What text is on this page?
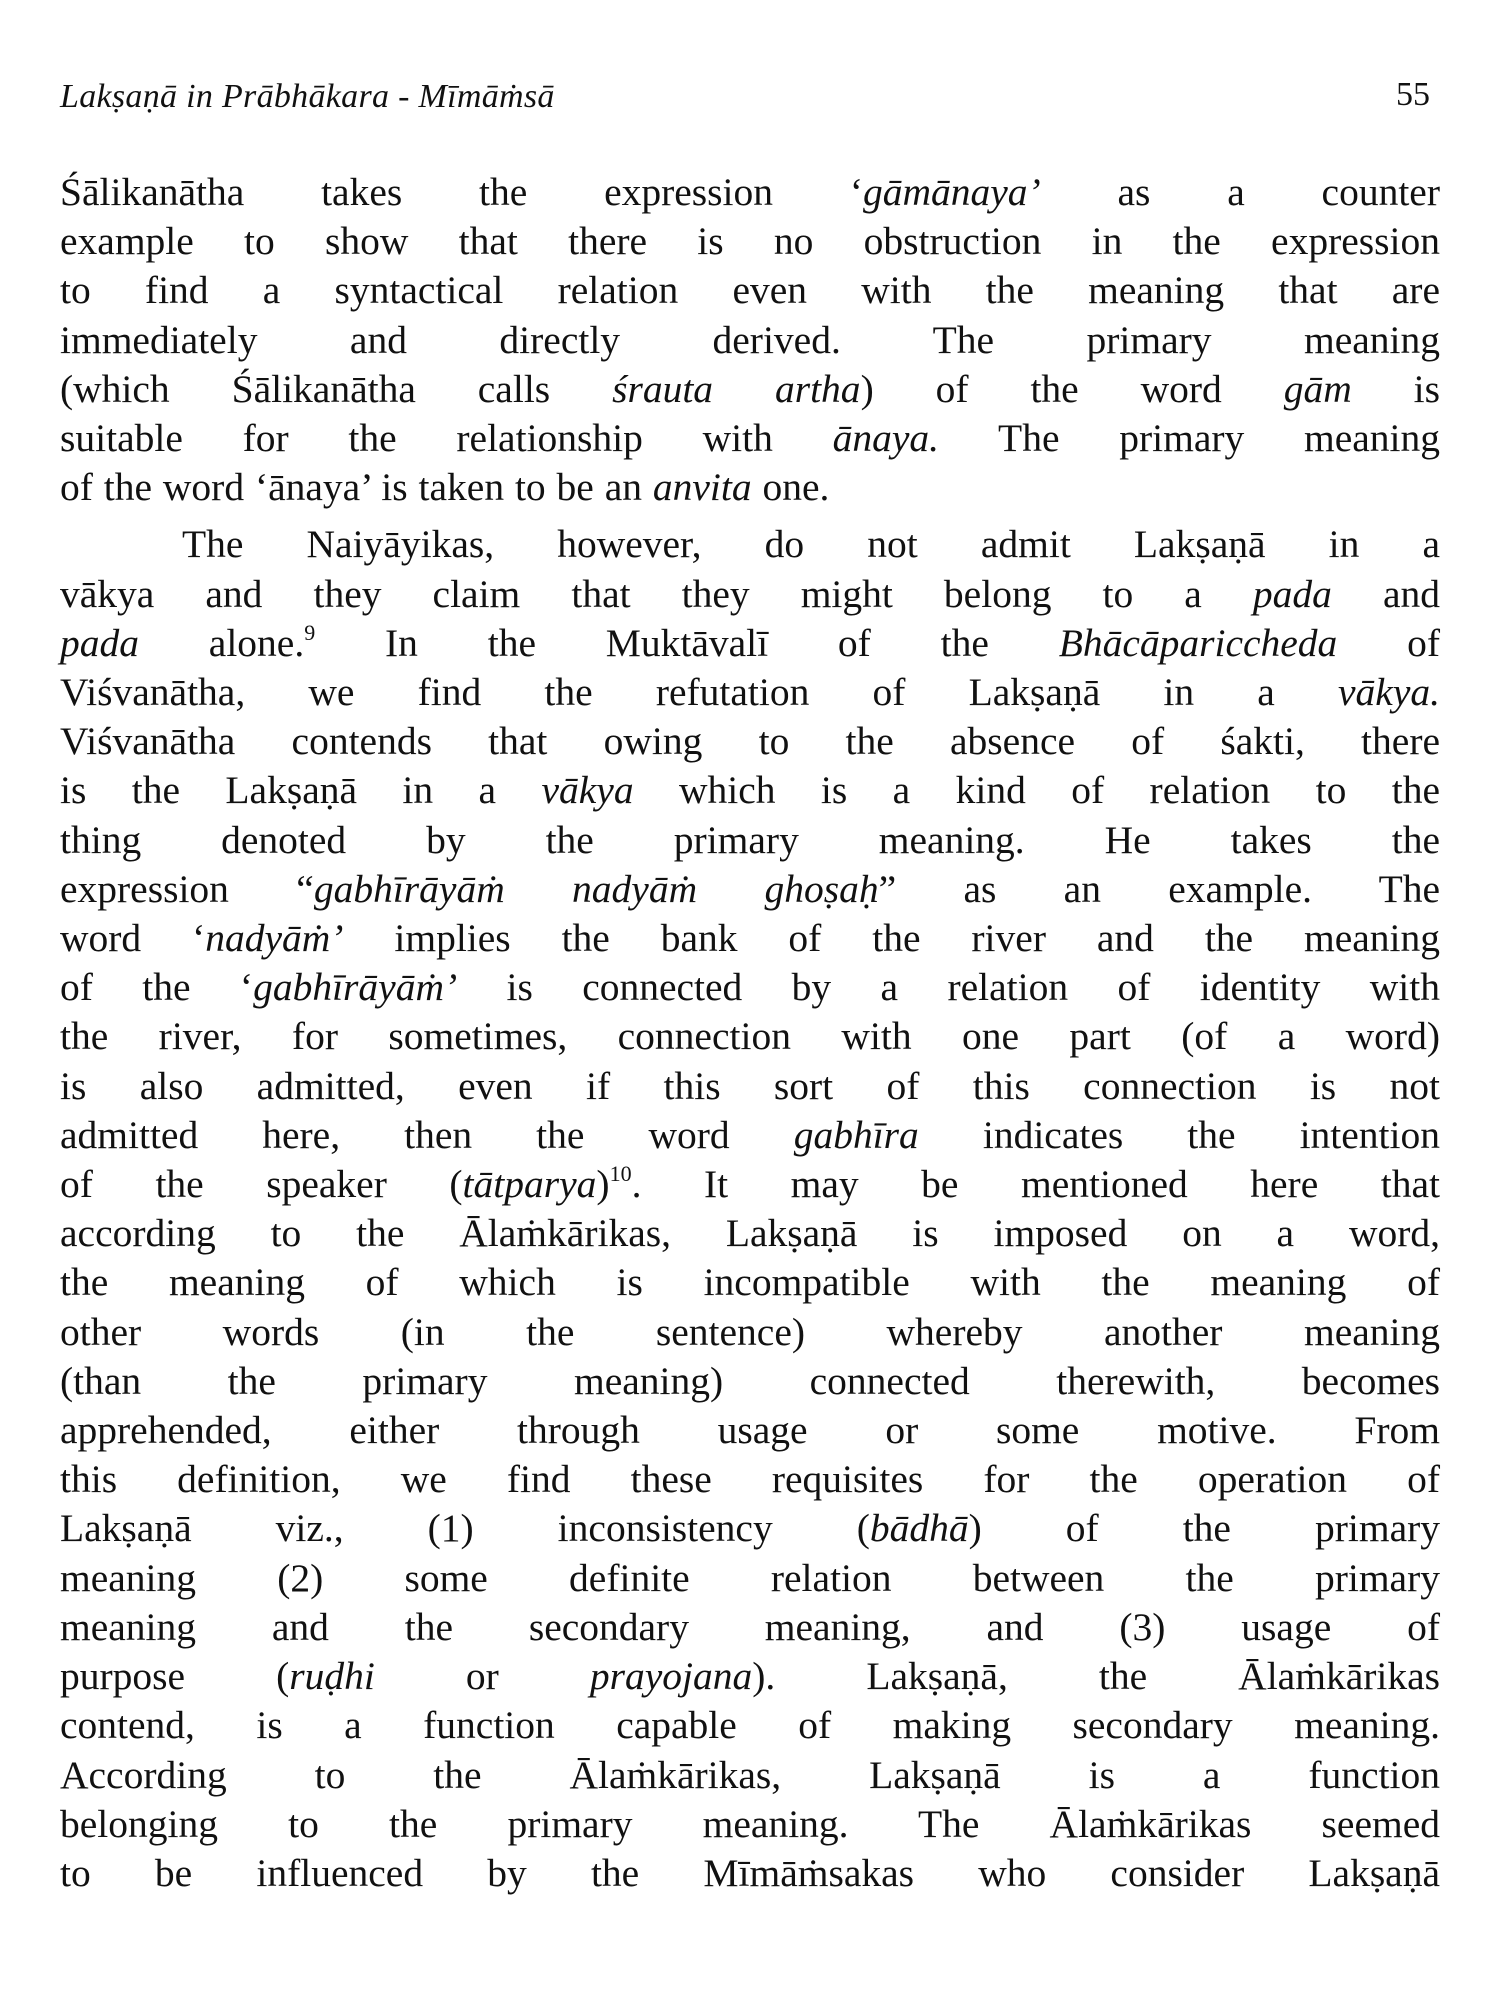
Lakṣaṇā in Prābhākara - Mīmāṁsā	55
Śālikanātha takes the expression ‘gāmānaya’ as a counter
example to show that there is no obstruction in the expression
to find a syntactical relation even with the meaning that are
immediately and directly derived. The primary meaning
(which Śālikanātha calls śrauta artha) of the word gām is
suitable for the relationship with ānaya. The primary meaning
of the word ‘ānaya’ is taken to be an anvita one.
The Naiyāyikas, however, do not admit Lakṣaṇā in a
vākya and they claim that they might belong to a pada and
pada alone.$^9$ In the Muktāvalī of the Bhācāpariccheda of
Viśvanātha, we find the refutation of Lakṣaṇā in a vākya.
Viśvanātha contends that owing to the absence of śakti, there
is the Lakṣaṇā in a vākya which is a kind of relation to the
thing denoted by the primary meaning. He takes the
expression “gabhīrāyāṁ nadyāṁ ghoṣaḥ” as an example. The
word ‘nadyāṁ’ implies the bank of the river and the meaning
of the ‘gabhīrāyāṁ’ is connected by a relation of identity with
the river, for sometimes, connection with one part (of a word)
is also admitted, even if this sort of this connection is not
admitted here, then the word gabhīra indicates the intention
of the speaker (tātparya)$^{10}$. It may be mentioned here that
according to the Ālaṁkārikas, Lakṣaṇā is imposed on a word,
the meaning of which is incompatible with the meaning of
other words (in the sentence) whereby another meaning
(than the primary meaning) connected therewith, becomes
apprehended, either through usage or some motive. From
this definition, we find these requisites for the operation of
Lakṣaṇā viz., (1) inconsistency (bādhā) of the primary
meaning (2) some definite relation between the primary
meaning and the secondary meaning, and (3) usage of
purpose (ruḍhi or prayojana). Lakṣaṇā, the Ālaṁkārikas
contend, is a function capable of making secondary meaning.
According to the Ālaṁkārikas, Lakṣaṇā is a function
belonging to the primary meaning. The Ālaṁkārikas seemed
to be influenced by the Mīmāṁsakas who consider Lakṣaṇā
